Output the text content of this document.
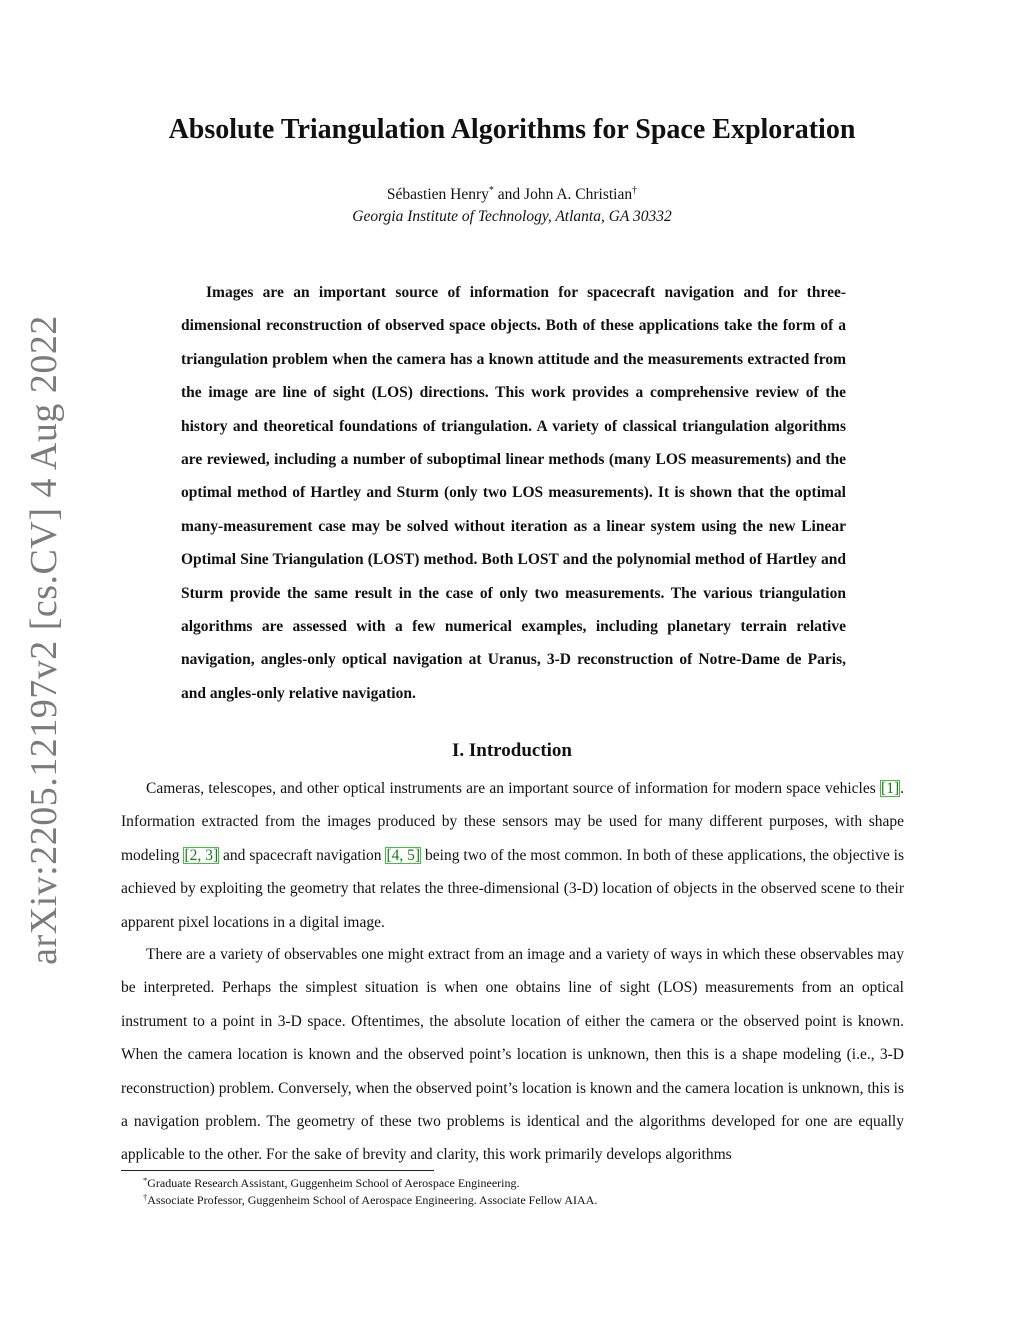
arXiv:2205.12197v2 [cs.CV] 4 Aug 2022
Absolute Triangulation Algorithms for Space Exploration
Sébastien Henry* and John A. Christian†
Georgia Institute of Technology, Atlanta, GA 30332

Images are an important source of information for spacecraft navigation and for three-dimensional reconstruction of observed space objects. Both of these applications take the form of a triangulation problem when the camera has a known attitude and the measurements extracted from the image are line of sight (LOS) directions. This work provides a comprehensive review of the history and theoretical foundations of triangulation. A variety of classical triangulation algorithms are reviewed, including a number of suboptimal linear methods (many LOS measurements) and the optimal method of Hartley and Sturm (only two LOS measurements). It is shown that the optimal many-measurement case may be solved without iteration as a linear system using the new Linear Optimal Sine Triangulation (LOST) method. Both LOST and the polynomial method of Hartley and Sturm provide the same result in the case of only two measurements. The various triangulation algorithms are assessed with a few numerical examples, including planetary terrain relative navigation, angles-only optical navigation at Uranus, 3-D reconstruction of Notre-Dame de Paris, and angles-only relative navigation.

I. Introduction

Cameras, telescopes, and other optical instruments are an important source of information for modern space vehicles [1]. Information extracted from the images produced by these sensors may be used for many different purposes, with shape modeling [2, 3] and spacecraft navigation [4, 5] being two of the most common. In both of these applications, the objective is achieved by exploiting the geometry that relates the three-dimensional (3-D) location of objects in the observed scene to their apparent pixel locations in a digital image.

There are a variety of observables one might extract from an image and a variety of ways in which these observables may be interpreted. Perhaps the simplest situation is when one obtains line of sight (LOS) measurements from an optical instrument to a point in 3-D space. Oftentimes, the absolute location of either the camera or the observed point is known. When the camera location is known and the observed point’s location is unknown, then this is a shape modeling (i.e., 3-D reconstruction) problem. Conversely, when the observed point’s location is known and the camera location is unknown, this is a navigation problem. The geometry of these two problems is identical and the algorithms developed for one are equally applicable to the other. For the sake of brevity and clarity, this work primarily develops algorithms

*Graduate Research Assistant, Guggenheim School of Aerospace Engineering.
†Associate Professor, Guggenheim School of Aerospace Engineering. Associate Fellow AIAA.
